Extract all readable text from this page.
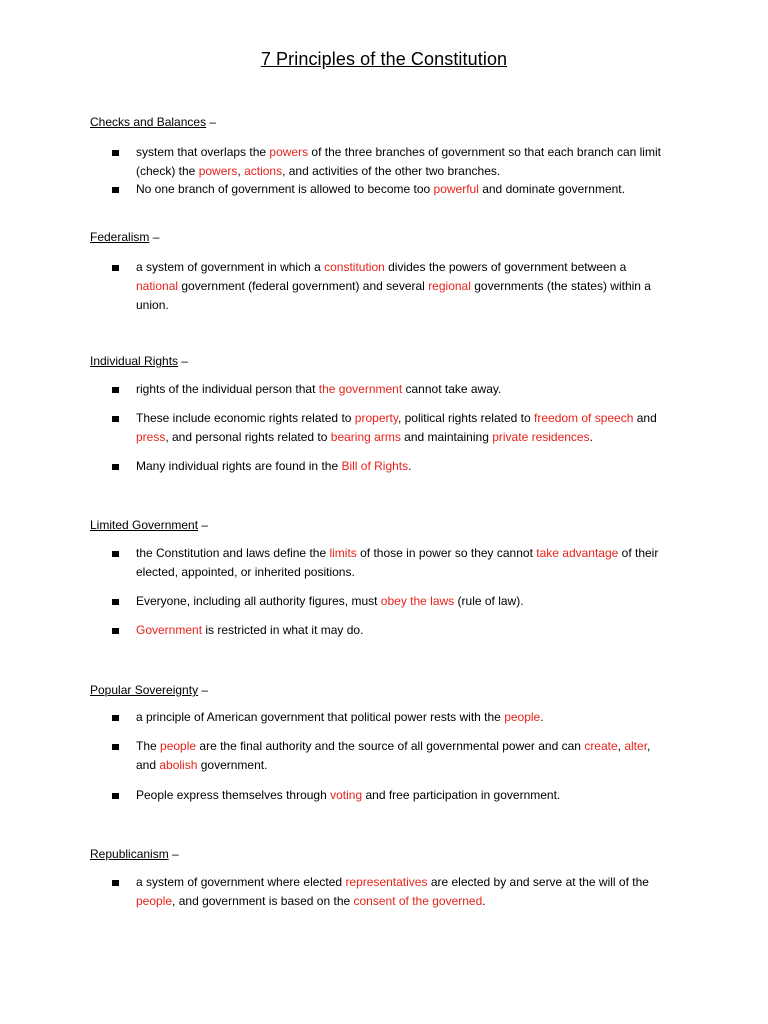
7 Principles of the Constitution
Checks and Balances –
system that overlaps the powers of the three branches of government so that each branch can limit (check) the powers, actions, and activities of the other two branches.
No one branch of government is allowed to become too powerful and dominate government.
Federalism –
a system of government in which a constitution divides the powers of government between a national government (federal government) and several regional governments (the states) within a union.
Individual Rights –
rights of the individual person that the government cannot take away.
These include economic rights related to property, political rights related to freedom of speech and press, and personal rights related to bearing arms and maintaining private residences.
Many individual rights are found in the Bill of Rights.
Limited Government –
the Constitution and laws define the limits of those in power so they cannot take advantage of their elected, appointed, or inherited positions.
Everyone, including all authority figures, must obey the laws (rule of law).
Government is restricted in what it may do.
Popular Sovereignty –
a principle of American government that political power rests with the people.
The people are the final authority and the source of all governmental power and can create, alter, and abolish government.
People express themselves through voting and free participation in government.
Republicanism –
a system of government where elected representatives are elected by and serve at the will of the people, and government is based on the consent of the governed.
